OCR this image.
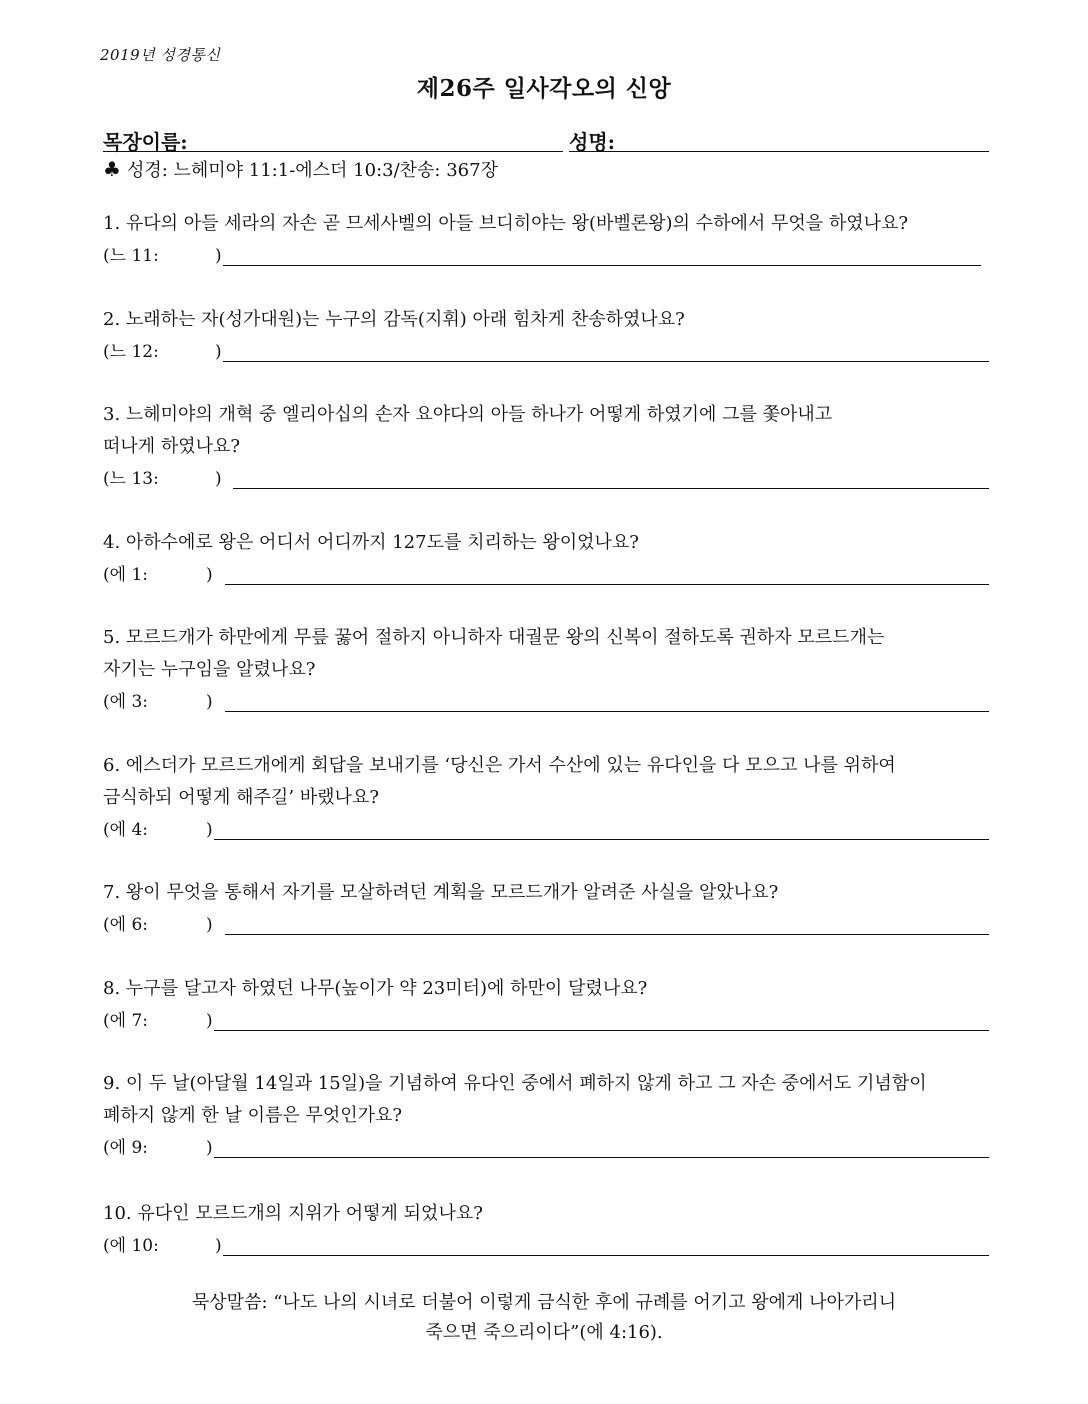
2019년 성경통신
제26주 일사각오의 신앙
목장이름:	성명:
♣ 성경: 느헤미야 11:1-에스더 10:3/찬송: 367장
1. 유다의 아들 세라의 자손 곧 므세사벨의 아들 브디히야는 왕(바벨론왕)의 수하에서 무엇을 하였나요?
(느 11:	)
2. 노래하는 자(성가대원)는 누구의 감독(지휘) 아래 힘차게 찬송하였나요?
(느 12:	)
3. 느헤미야의 개혁 중 엘리아십의 손자 요야다의 아들 하나가 어떻게 하였기에 그를 쫓아내고
떠나게 하였나요?
(느 13:	)
4. 아하수에로 왕은 어디서 어디까지 127도를 치리하는 왕이었나요?
(에 1:	)
5. 모르드개가 하만에게 무릎 꿇어 절하지 아니하자 대궐문 왕의 신복이 절하도록 권하자 모르드개는
자기는 누구임을 알렸나요?
(에 3:	)
6. 에스더가 모르드개에게 회답을 보내기를 ‘당신은 가서 수산에 있는 유다인을 다 모으고 나를 위하여
금식하되 어떻게 해주길’ 바랬나요?
(에 4:	)
7. 왕이 무엇을 통해서 자기를 모살하려던 계획을 모르드개가 알려준 사실을 알았나요?
(에 6:	)
8. 누구를 달고자 하였던 나무(높이가 약 23미터)에 하만이 달렸나요?
(에 7:	)
9. 이 두 날(아달월 14일과 15일)을 기념하여 유다인 중에서 폐하지 않게 하고 그 자손 중에서도 기념함이
폐하지 않게 한 날 이름은 무엇인가요?
(에 9:	)
10. 유다인 모르드개의 지위가 어떻게 되었나요?
(에 10:	)
묵상말씀: “나도 나의 시녀로 더불어 이렇게 금식한 후에 규례를 어기고 왕에게 나아가리니
죽으면 죽으리이다”(에 4:16).
